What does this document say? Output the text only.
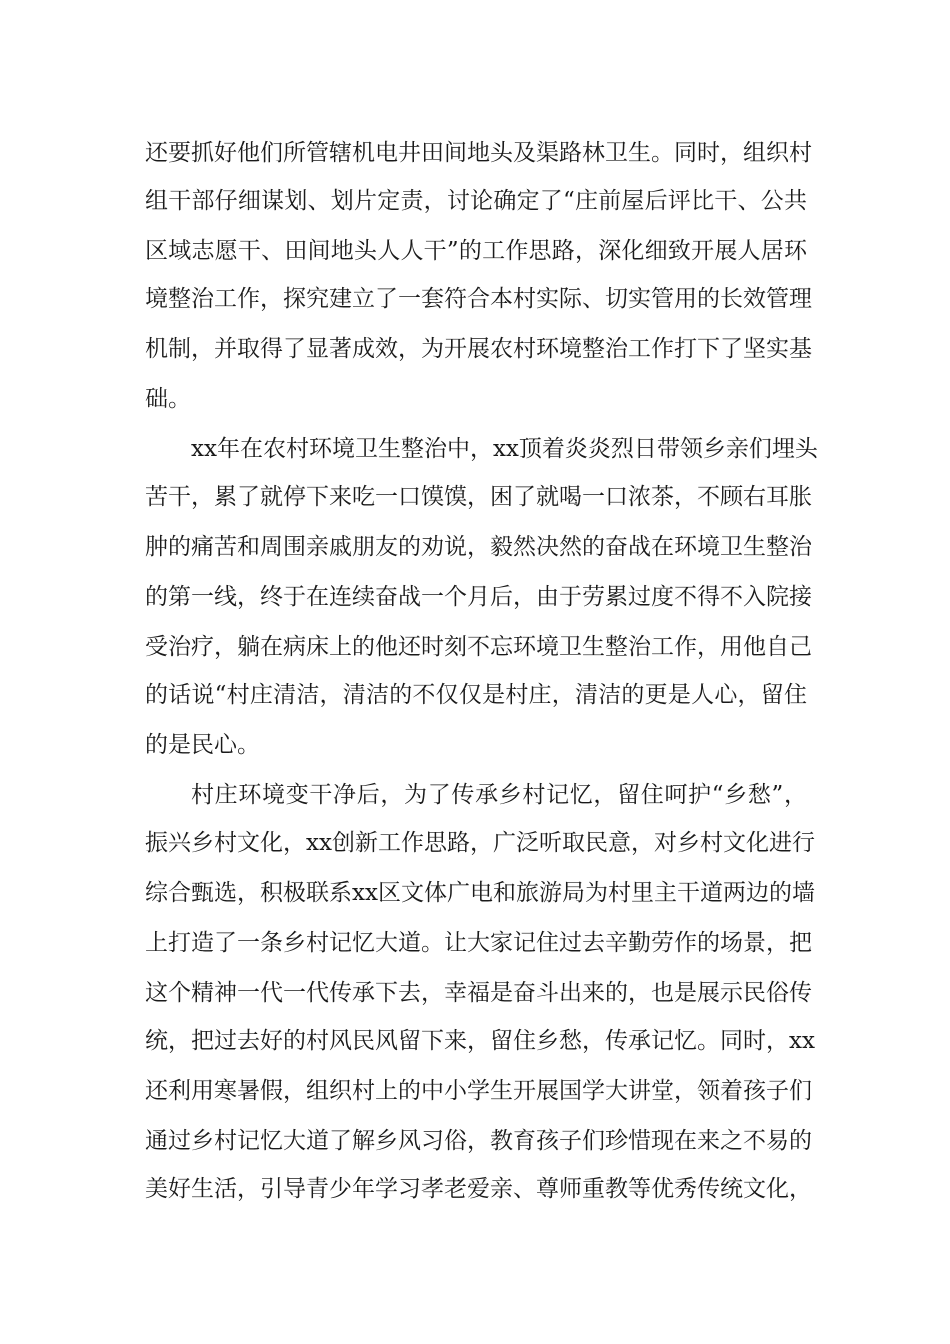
还要抓好他们所管辖机电井田间地头及渠路林卫生。同时，组织村
组干部仔细谋划、划片定责，讨论确定了“庄前屋后评比干、公共
区域志愿干、田间地头人人干”的工作思路，深化细致开展人居环
境整治工作，探究建立了一套符合本村实际、切实管用的长效管理
机制，并取得了显著成效，为开展农村环境整治工作打下了坚实基
础。
xx年在农村环境卫生整治中，xx顶着炎炎烈日带领乡亲们埋头
苦干，累了就停下来吃一口馍馍，困了就喝一口浓茶，不顾右耳胀
肿的痛苦和周围亲戚朋友的劝说，毅然决然的奋战在环境卫生整治
的第一线，终于在连续奋战一个月后，由于劳累过度不得不入院接
受治疗，躺在病床上的他还时刻不忘环境卫生整治工作，用他自己
的话说“村庄清洁，清洁的不仅仅是村庄，清洁的更是人心，留住
的是民心。
村庄环境变干净后，为了传承乡村记忆，留住呵护“乡愁”，
振兴乡村文化，xx创新工作思路，广泛听取民意，对乡村文化进行
综合甄选，积极联系xx区文体广电和旅游局为村里主干道两边的墙
上打造了一条乡村记忆大道。让大家记住过去辛勤劳作的场景，把
这个精神一代一代传承下去，幸福是奋斗出来的，也是展示民俗传
统，把过去好的村风民风留下来，留住乡愁，传承记忆。同时，xx
还利用寒暑假，组织村上的中小学生开展国学大讲堂，领着孩子们
通过乡村记忆大道了解乡风习俗，教育孩子们珍惜现在来之不易的
美好生活，引导青少年学习孝老爱亲、尊师重教等优秀传统文化，
